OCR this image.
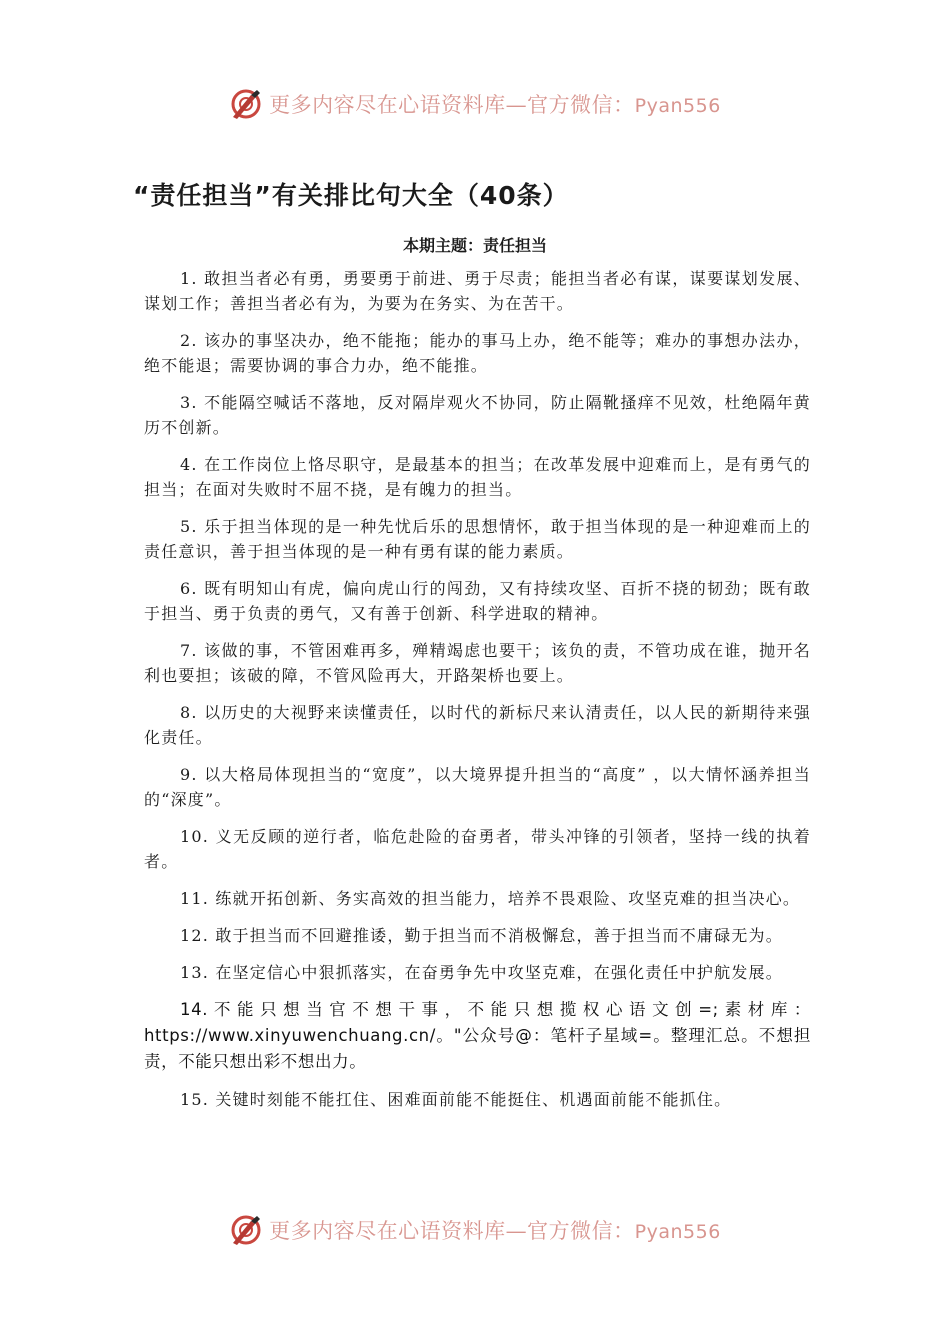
更多内容尽在心语资料库—官方微信：Pyan556
“责任担当”有关排比句大全（40条）
本期主题：责任担当

1. 敢担当者必有勇，勇要勇于前进、勇于尽责；能担当者必有谋，谋要谋划发展、谋划工作；善担当者必有为，为要为在务实、为在苦干。

2. 该办的事坚决办，绝不能拖；能办的事马上办，绝不能等；难办的事想办法办，绝不能退；需要协调的事合力办，绝不能推。

3. 不能隔空喊话不落地，反对隔岸观火不协同，防止隔靴搔痒不见效，杜绝隔年黄历不创新。

4. 在工作岗位上恪尽职守，是最基本的担当；在改革发展中迎难而上，是有勇气的担当；在面对失败时不屈不挠，是有魄力的担当。

5. 乐于担当体现的是一种先忧后乐的思想情怀，敢于担当体现的是一种迎难而上的责任意识，善于担当体现的是一种有勇有谋的能力素质。

6. 既有明知山有虎，偏向虎山行的闯劲，又有持续攻坚、百折不挠的韧劲；既有敢于担当、勇于负责的勇气，又有善于创新、科学进取的精神。

7. 该做的事，不管困难再多，殚精竭虑也要干；该负的责，不管功成在谁，抛开名利也要担；该破的障，不管风险再大，开路架桥也要上。

8. 以历史的大视野来读懂责任，以时代的新标尺来认清责任，以人民的新期待来强化责任。

9. 以大格局体现担当的“宽度”，以大境界提升担当的“高度” ，以大情怀涵养担当的“深度”。

10. 义无反顾的逆行者，临危赴险的奋勇者，带头冲锋的引领者，坚持一线的执着者。

11. 练就开拓创新、务实高效的担当能力，培养不畏艰险、攻坚克难的担当决心。

12. 敢于担当而不回避推诿，勤于担当而不消极懈怠，善于担当而不庸碌无为。

13. 在坚定信心中狠抓落实，在奋勇争先中攻坚克难，在强化责任中护航发展。

14.不能只想当官不想干事，不能只想揽权心语文创=;素材库：https://www.xinyuwenchuang.cn/。"公众号@：笔杆子星域=。整理汇总。不想担责，不能只想出彩不想出力。

15. 关键时刻能不能扛住、困难面前能不能挺住、机遇面前能不能抓住。

更多内容尽在心语资料库—官方微信：Pyan556
